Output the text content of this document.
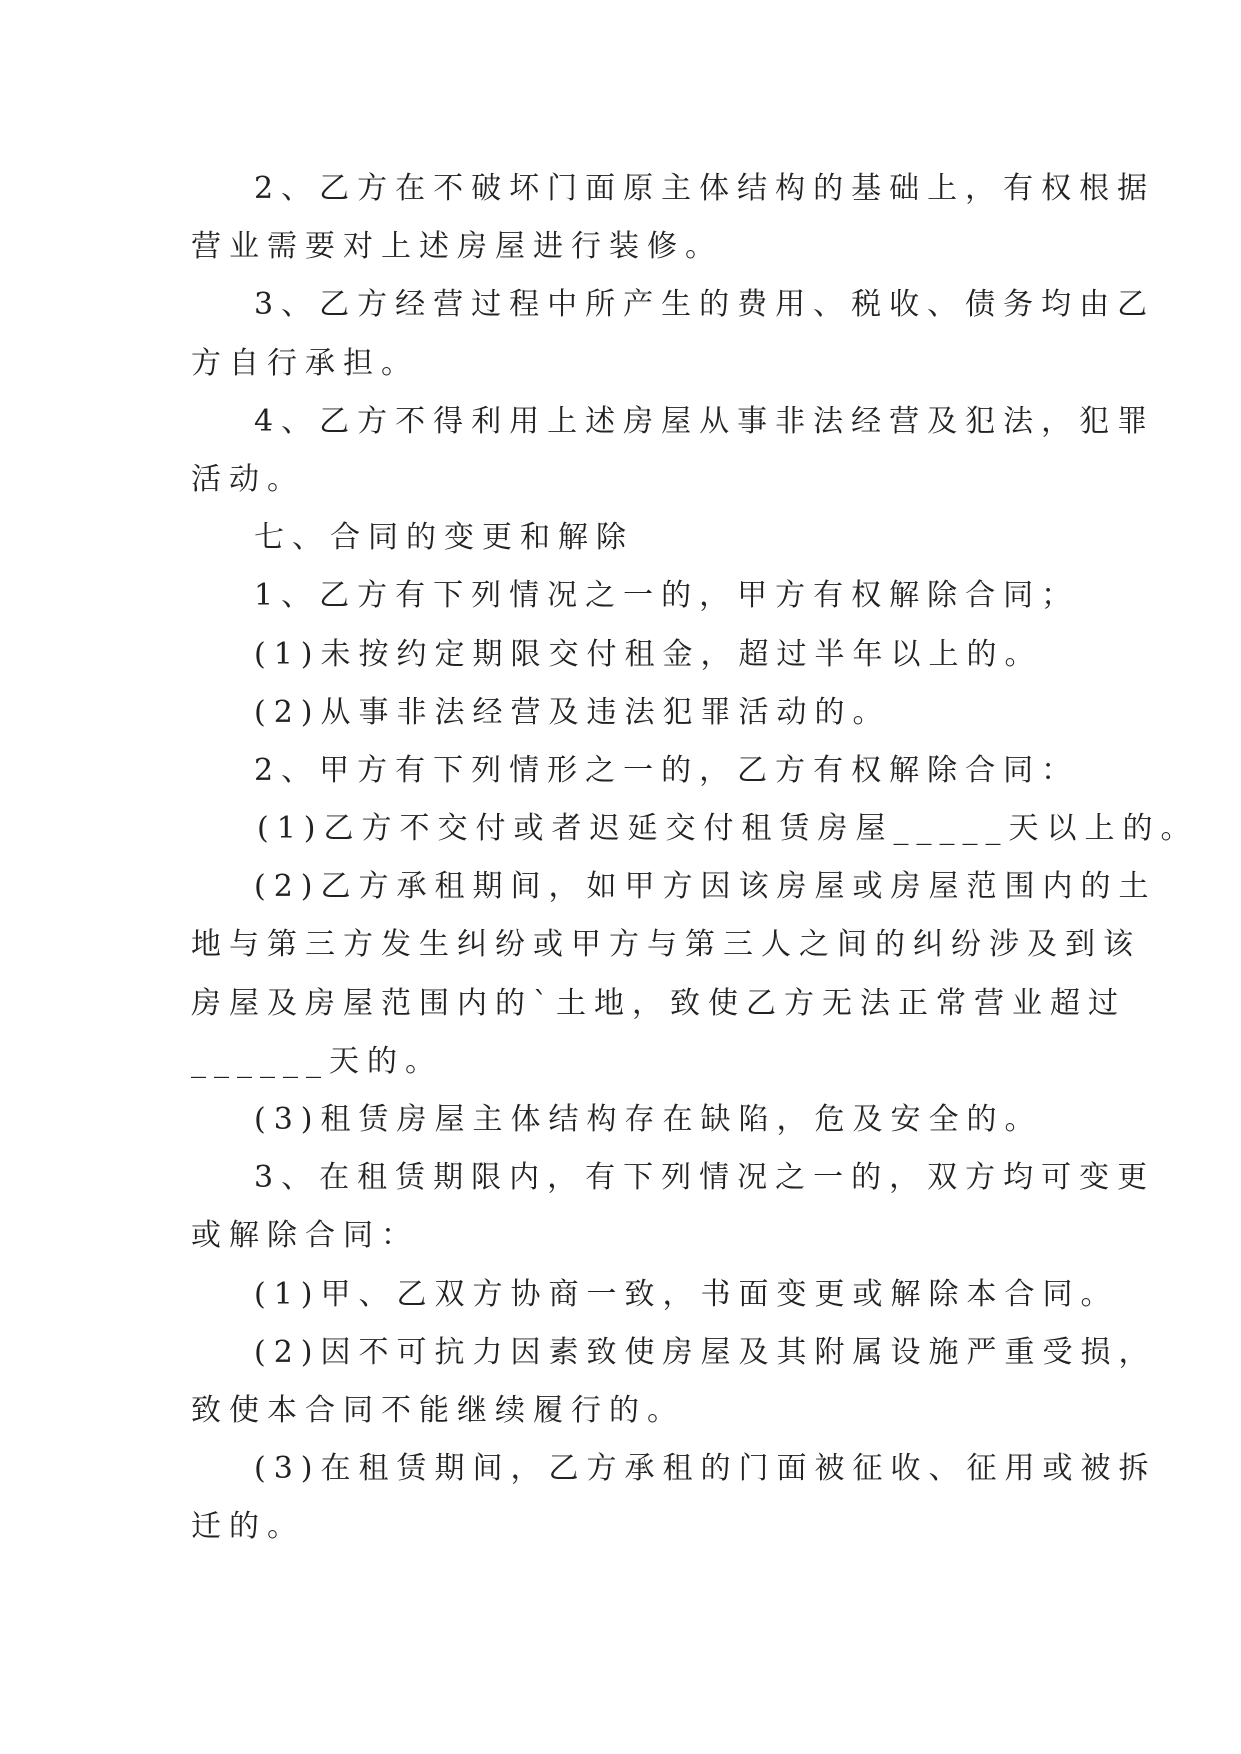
2、乙方在不破坏门面原主体结构的基础上，有权根据
营业需要对上述房屋进行装修。
3、乙方经营过程中所产生的费用、税收、债务均由乙
方自行承担。
4、乙方不得利用上述房屋从事非法经营及犯法，犯罪
活动。
七、合同的变更和解除
1、乙方有下列情况之一的，甲方有权解除合同；
(1)未按约定期限交付租金，超过半年以上的。
(2)从事非法经营及违法犯罪活动的。
2、甲方有下列情形之一的，乙方有权解除合同：
(1)乙方不交付或者迟延交付租赁房屋_____天以上的。
(2)乙方承租期间，如甲方因该房屋或房屋范围内的土
地与第三方发生纠纷或甲方与第三人之间的纠纷涉及到该
房屋及房屋范围内的`土地，致使乙方无法正常营业超过
______天的。
(3)租赁房屋主体结构存在缺陷，危及安全的。
3、在租赁期限内，有下列情况之一的，双方均可变更
或解除合同：
(1)甲、乙双方协商一致，书面变更或解除本合同。
(2)因不可抗力因素致使房屋及其附属设施严重受损，
致使本合同不能继续履行的。
(3)在租赁期间，乙方承租的门面被征收、征用或被拆
迁的。
